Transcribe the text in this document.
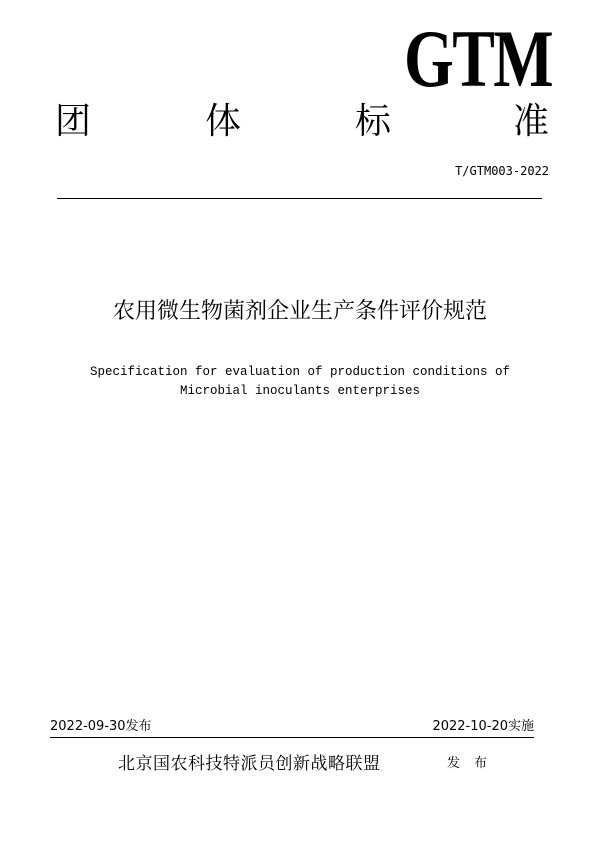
GTM
团	体	标	准
T/GTM003-2022
农用微生物菌剂企业生产条件评价规范
Specification for evaluation of production conditions of
Microbial inoculants enterprises
2022-09-30发布	2022-10-20实施
北京国农科技特派员创新战略联盟	发布
